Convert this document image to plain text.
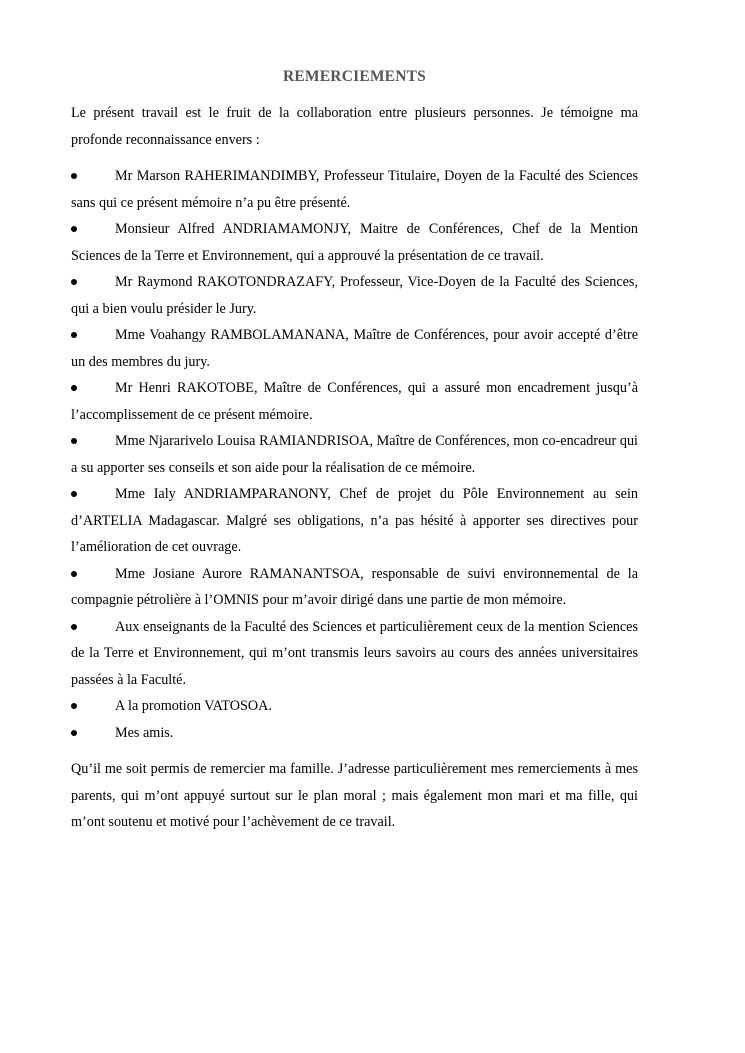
REMERCIEMENTS

Le présent travail est le fruit de la collaboration entre plusieurs personnes. Je témoigne ma profonde reconnaissance envers :

Mr Marson RAHERIMANDIMBY, Professeur Titulaire, Doyen de la Faculté des Sciences sans qui ce présent mémoire n’a pu être présenté.
Monsieur Alfred ANDRIAMAMONJY, Maitre de Conférences, Chef de la Mention Sciences de la Terre et Environnement, qui a approuvé la présentation de ce travail.
Mr Raymond RAKOTONDRAZAFY, Professeur, Vice-Doyen de la Faculté des Sciences, qui a bien voulu présider le Jury.
Mme Voahangy RAMBOLAMANANA, Maître de Conférences, pour avoir accepté d’être un des membres du jury.
Mr Henri RAKOTOBE, Maître de Conférences, qui a assuré mon encadrement jusqu’à l’accomplissement de ce présent mémoire.
Mme Njararivelo Louisa RAMIANDRISOA, Maître de Conférences, mon co-encadreur qui a su apporter ses conseils et son aide pour la réalisation de ce mémoire.
Mme Ialy ANDRIAMPARANONY, Chef de projet du Pôle Environnement au sein d’ARTELIA Madagascar. Malgré ses obligations, n’a pas hésité à apporter ses directives pour l’amélioration de cet ouvrage.
Mme Josiane Aurore RAMANANTSOA, responsable de suivi environnemental de la compagnie pétrolière à l’OMNIS pour m’avoir dirigé dans une partie de mon mémoire.
Aux enseignants de la Faculté des Sciences et particulièrement ceux de la mention Sciences de la Terre et Environnement, qui m’ont transmis leurs savoirs au cours des années universitaires passées à la Faculté.
A la promotion VATOSOA.
Mes amis.

Qu’il me soit permis de remercier ma famille. J’adresse particulièrement mes remerciements à mes parents, qui m’ont appuyé surtout sur le plan moral ; mais également mon mari et ma fille, qui m’ont soutenu et motivé pour l’achèvement de ce travail.
